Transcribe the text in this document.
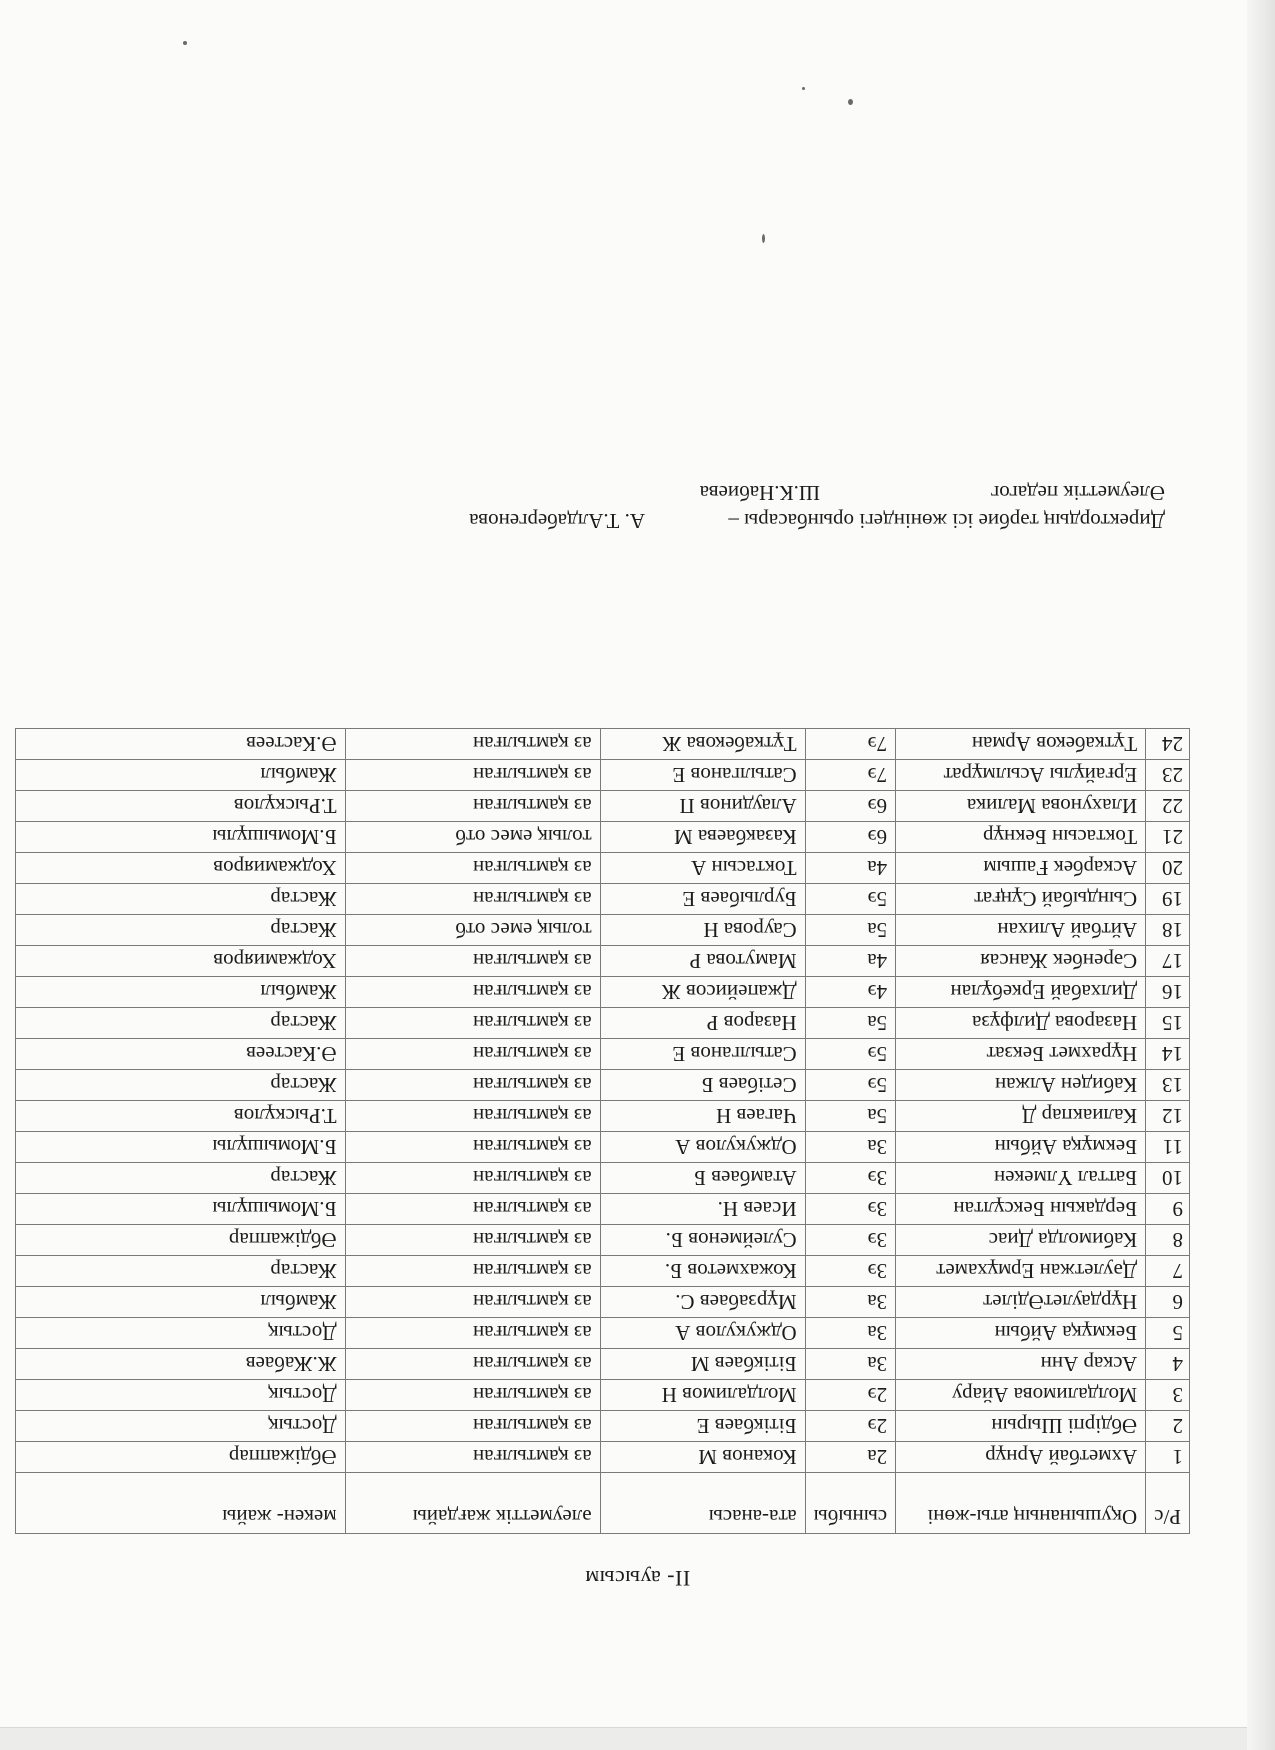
II- ауысым
Р/с	Оқушынаның аты-жөні	сыныбы	ата-анасы	әлеуметтік жағдайы	мекен- жайы
1	Ахметбай Арнұр	2а	Коканов М	аз қамтылған	Әбдіжаппар
2	Әбдірпі Шырын	2э	Бітікбаев Е	аз қамтылған	Достық
3	Молдалимова Айару	2э	Молдалимов Н	аз қамтылған	Достық
4	Аскар Анн	3а	Бітікбаев М	аз қамтылған	Ж.Жабаев
5	Бекмұқа Айбын	3а	Оджукулов А	аз қамтылған	Достық
6	НұрдаулетӘділет	3а	Мұрзабаев С.	аз қамтылған	Жамбыл
7	Дәулетжан Ермұхамет	3э	Кожахметов Б.	аз қамтылған	Жастар
8	Кабимолда Диас	3э	Сулейменов Б.	аз қамтылған	Әбдіжаппар
9	Бердакын Бексұлтан	3э	Исаев Н.	аз қамтылған	Б.Момышұлы
10	Баттал Үлмекен	3э	Атамбаев Б	аз қамтылған	Жастар
11	Бекмұқа Айбын	3а	Оджукулов А	аз қамтылған	Б.Момышұлы
12	Калиакпар Д	5а	Чагаев Н	аз қамтылған	Т.Рыскұлов
13	Кабиден Алжан	5э	Сетібаев Б	аз қамтылған	Жастар
14	Нұрахмет Бекзат	5э	Сатылганов Е	аз қамтылған	Ә.Кастеев
15	Назарова Дилфұза	5а	Назаров Р	аз қамтылған	Жастар
16	Дилхабай Еркебұлан	4э	Джапейисов Ж	аз қамтылған	Жамбыл
17	Сәренбек Жансая	4а	Мамутова Р	аз қамтылған	Ходжамияров
18	Айтбай Алихан	5а	Саурова Н	толық емес отб	Жастар
19	Сындыбай Сұңғат	5э	Бурлыбаев Е	аз қамтылған	Жастар
20	Аскарбек Ғашым	4а	Токтасын А	аз қамтылған	Ходжамияров
21	Токтасын Бекнұр	6э	Казакбаева М	толық емес отб	Б.Момышұлы
22	Илахунова Малика	6э	Алаудинов П	аз қамтылған	Т.Рыскұлов
23	Ерғайұлы Асылмұрат	7э	Сатылганов Е	аз қамтылған	Жамбыл
24	Тұткабеков Арман	7э	Тұткабекова Ж	аз қамтылған	Ә.Кастеев
Директордың тәрбие ісі жөніндегі орынбасары –
А. Т.Алдабергенова
Әлеуметтік педагог
Ш.К.Набиева
